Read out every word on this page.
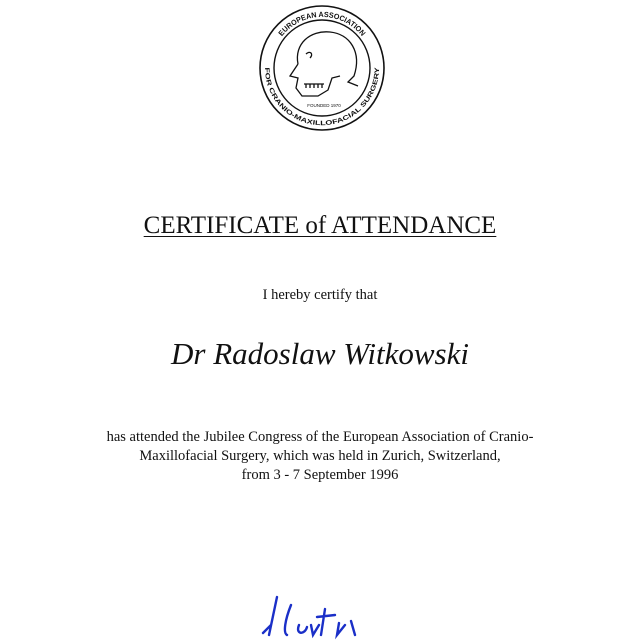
EUROPEAN ASSOCIATION
FOR CRANIO-MAXILLOFACIAL SURGERY
FOUNDED 1970
CERTIFICATE of ATTENDANCE
I hereby certify that
Dr Radoslaw Witkowski
has attended the Jubilee Congress of the European Association of Cranio-
Maxillofacial Surgery, which was held in Zurich, Switzerland,
from 3 - 7 September 1996
